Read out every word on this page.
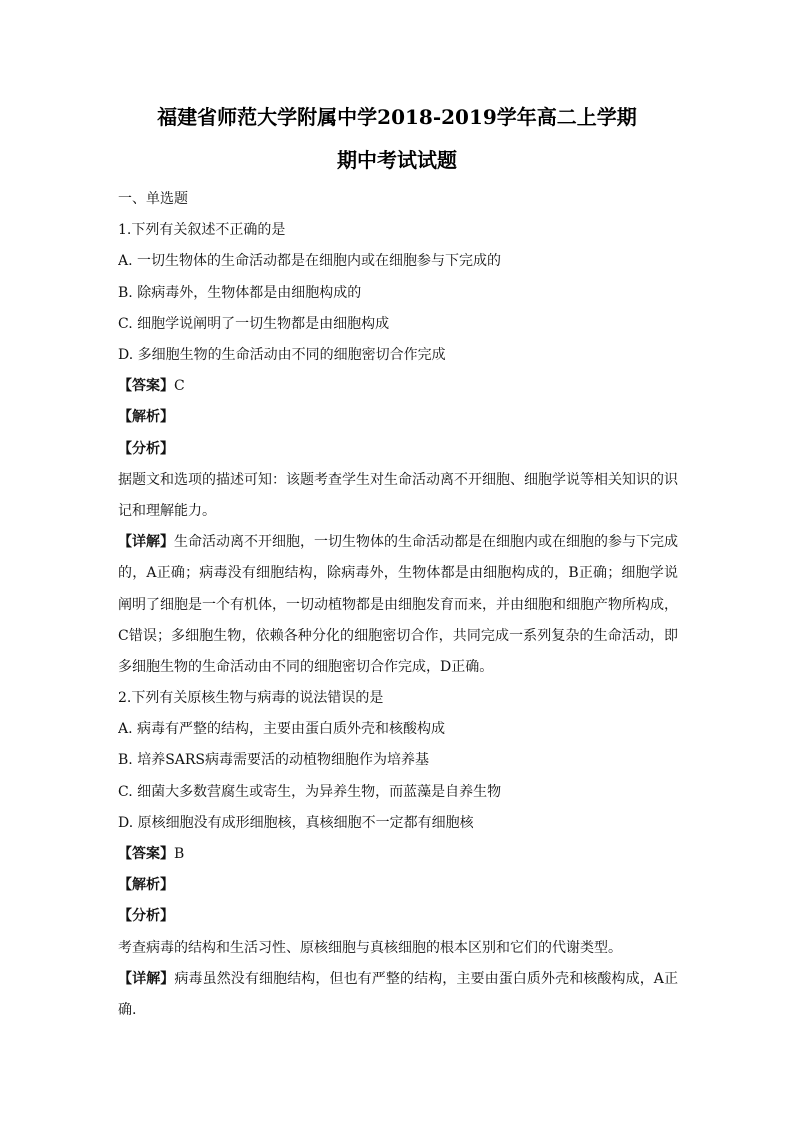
福建省师范大学附属中学2018-2019学年高二上学期
期中考试试题
一、单选题
1.下列有关叙述不正确的是
A. 一切生物体的生命活动都是在细胞内或在细胞参与下完成的
B. 除病毒外，生物体都是由细胞构成的
C. 细胞学说阐明了一切生物都是由细胞构成
D. 多细胞生物的生命活动由不同的细胞密切合作完成
【答案】C
【解析】
【分析】

据题文和选项的描述可知：该题考查学生对生命活动离不开细胞、细胞学说等相关知识的识记和理解能力。

【详解】生命活动离不开细胞，一切生物体的生命活动都是在细胞内或在细胞的参与下完成的，A正确；病毒没有细胞结构，除病毒外，生物体都是由细胞构成的，B正确；细胞学说阐明了细胞是一个有机体，一切动植物都是由细胞发育而来，并由细胞和细胞产物所构成，C错误；多细胞生物，依赖各种分化的细胞密切合作，共同完成一系列复杂的生命活动，即多细胞生物的生命活动由不同的细胞密切合作完成，D正确。

2.下列有关原核生物与病毒的说法错误的是
A. 病毒有严整的结构，主要由蛋白质外壳和核酸构成
B. 培养SARS病毒需要活的动植物细胞作为培养基
C. 细菌大多数营腐生或寄生，为异养生物，而蓝藻是自养生物
D. 原核细胞没有成形细胞核，真核细胞不一定都有细胞核
【答案】B
【解析】
【分析】

考查病毒的结构和生活习性、原核细胞与真核细胞的根本区别和它们的代谢类型。

【详解】病毒虽然没有细胞结构，但也有严整的结构，主要由蛋白质外壳和核酸构成，A正确.
